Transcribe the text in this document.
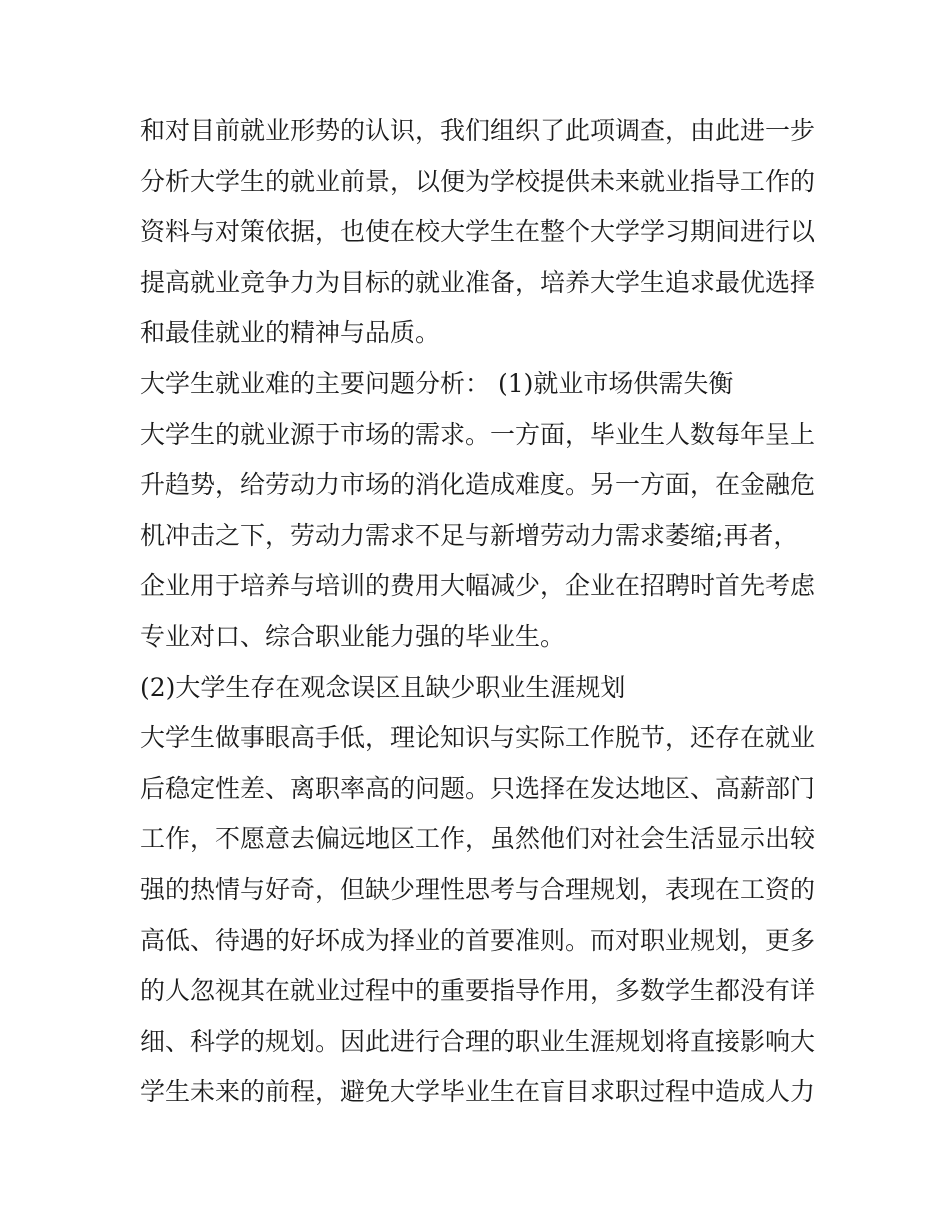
和对目前就业形势的认识，我们组织了此项调查，由此进一步
分析大学生的就业前景，以便为学校提供未来就业指导工作的
资料与对策依据，也使在校大学生在整个大学学习期间进行以
提高就业竞争力为目标的就业准备，培养大学生追求最优选择
和最佳就业的精神与品质。
大学生就业难的主要问题分析： (1)就业市场供需失衡
大学生的就业源于市场的需求。一方面，毕业生人数每年呈上
升趋势，给劳动力市场的消化造成难度。另一方面，在金融危
机冲击之下，劳动力需求不足与新增劳动力需求萎缩;再者，
企业用于培养与培训的费用大幅减少，企业在招聘时首先考虑
专业对口、综合职业能力强的毕业生。
(2)大学生存在观念误区且缺少职业生涯规划
大学生做事眼高手低，理论知识与实际工作脱节，还存在就业
后稳定性差、离职率高的问题。只选择在发达地区、高薪部门
工作，不愿意去偏远地区工作，虽然他们对社会生活显示出较
强的热情与好奇，但缺少理性思考与合理规划，表现在工资的
高低、待遇的好坏成为择业的首要准则。而对职业规划，更多
的人忽视其在就业过程中的重要指导作用，多数学生都没有详
细、科学的规划。因此进行合理的职业生涯规划将直接影响大
学生未来的前程，避免大学毕业生在盲目求职过程中造成人力
